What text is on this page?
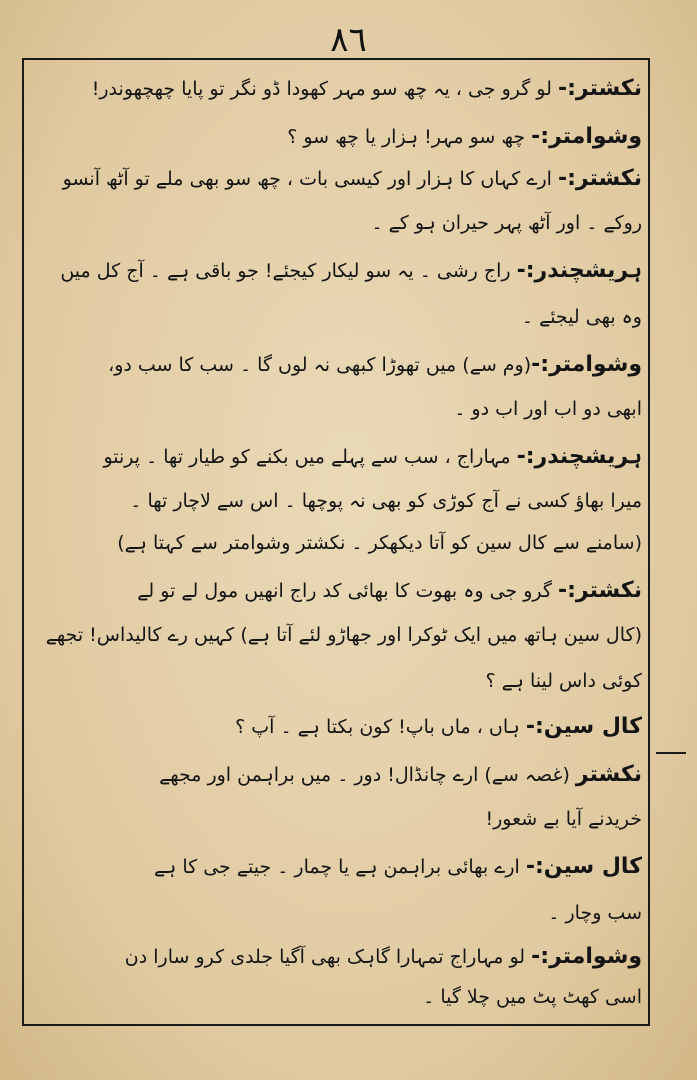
۸٦
نکشتر:- لو گرو جی ، یہ چھ سو مہر کھودا ڈو نگر تو پایا چھچھوندر!
وشوامتر:- چھ سو مہر! ہزار یا چھ سو ؟
نکشتر:- ارے کہاں کا ہزار اور کیسی بات ، چھ سو بھی ملے تو آٹھ آنسو
روکے ۔ اور آٹھ پہر حیران ہو کے ۔
ہریشچندر:- راج رشی ۔ یہ سو لیکار کیجئے! جو باقی ہے ۔ آج کل میں
وہ بھی لیجئے ۔
وشوامتر:-(وم سے) میں تھوڑا کبھی نہ لوں گا ۔ سب کا سب دو،
ابھی دو اب اور اب دو ۔
ہریشچندر:- مہاراج ، سب سے پہلے میں بکنے کو طیار تھا ۔ پرنتو
میرا بھاؤ کسی نے آج کوڑی کو بھی نہ پوچھا ۔ اس سے لاچار تھا ۔
(سامنے سے کال سین کو آتا دیکھکر ۔ نکشتر وشوامتر سے کہتا ہے)
نکشتر:- گرو جی وہ بھوت کا بھائی کد راج انھیں مول لے تو لے
(کال سین ہاتھ میں ایک ٹوکرا اور جھاڑو لئے آتا ہے) کہیں رے کالیداس! تجھے
کوئی داس لینا ہے ؟
کال سین:- ہاں ، ماں باپ! کون بکتا ہے ۔ آپ ؟
نکشتر (غصہ سے) ارے چانڈال! دور ۔ میں براہمن اور مجھے
خریدنے آیا بے شعور!
کال سین:- ارے بھائی براہمن ہے یا چمار ۔ جیتے جی کا ہے
سب وچار ۔
وشوامتر:- لو مہاراج تمہارا گاہک بھی آگیا جلدی کرو سارا دن
اسی کھٹ پٹ میں چلا گیا ۔
